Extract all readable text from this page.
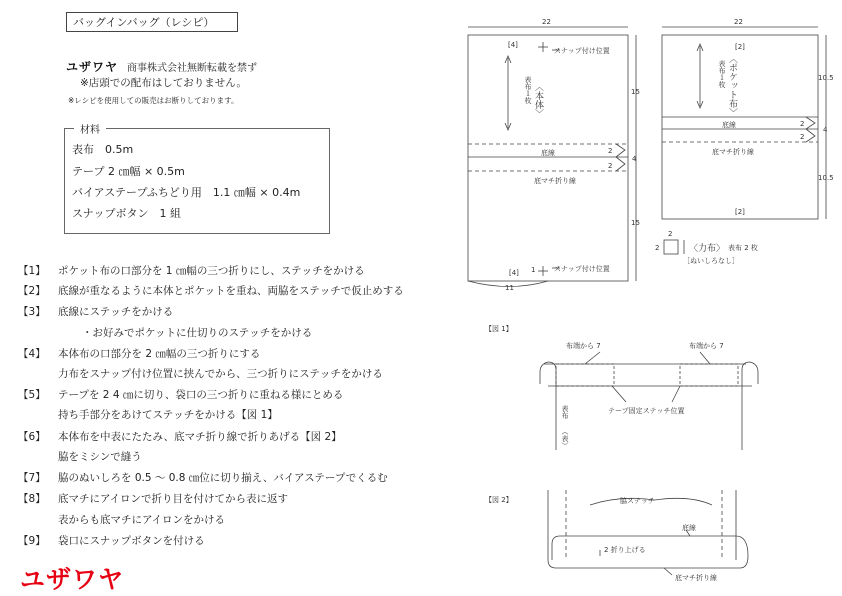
バッグインバッグ（レシピ）
ユザワヤ 商事株式会社無断転載を禁ず
※店頭での配布はしておりません。
※レシピを使用しての販売はお断りしております。
材料
表布　0.5m
テープ 2 ㎝幅 × 0.5m
バイアステープふちどり用　1.1 ㎝幅 × 0.4m
スナップボタン　1 組
【1】 ポケット布の口部分を 1 ㎝幅の三つ折りにし、ステッチをかける
【2】 底線が重なるように本体とポケットを重ね、両脇をステッチで仮止めする
【3】 底線にステッチをかける
・お好みでポケットに仕切りのステッチをかける
【4】 本体布の口部分を 2 ㎝幅の三つ折りにする
力布をスナップ付け位置に挟んでから、三つ折りにステッチをかける
【5】 テープを 2 4 ㎝に切り、袋口の三つ折りに重ねる様にとめる
持ち手部分をあけてステッチをかける【図 1】
【6】 本体布を中表にたたみ、底マチ折り線で折りあげる【図 2】
脇をミシンで縫う
【7】 脇のぬいしろを 0.5 ～ 0.8 ㎝位に切り揃え、バイアステープでくるむ
【8】 底マチにアイロンで折り目を付けてから表に返す
表からも底マチにアイロンをかける
【9】 袋口にスナップボタンを付ける
ユザワヤ
22
[4]
スナップ付け位置
[4]	スナップ付け位置
〈本体〉
表布１枚
底線
底マチ折り線
15
15
2
2
4
11
1
22
[2]
[2]
〈ポケット布〉
表布１枚
底線
底マチ折り線
10.5
10.5
2
2
4
2
2	〈力布〉 表布 2 枚
［ぬいしろなし］
【図 1】
布端から 7	布端から 7
テープ固定ステッチ位置
表布
（表）
【図 2】	脇ステッチ
底線
2 折り上げる
底マチ折り線
